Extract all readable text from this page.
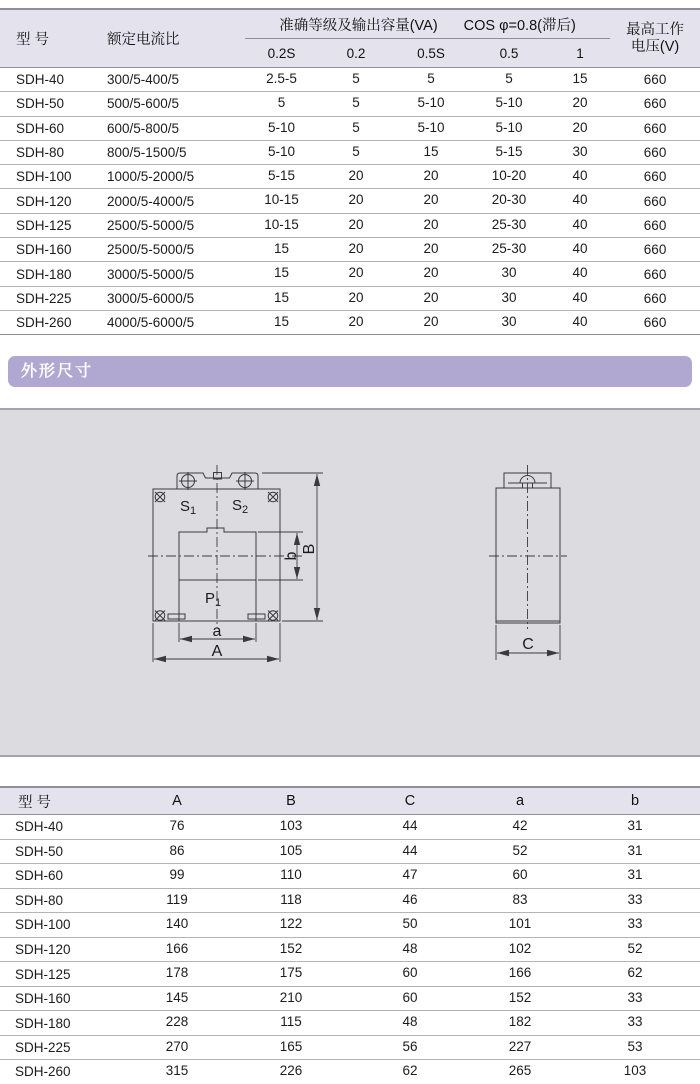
型 号	额定电流比	准确等级及输出容量(VA) COS φ=0.8(滞后)					最高工作
电压(V)

		0.2S	0.2	0.5S	0.5	1	
SDH-40	300/5-400/5	2.5-5	5	5	5	15	660
SDH-50	500/5-600/5	5	5	5-10	5-10	20	660
SDH-60	600/5-800/5	5-10	5	5-10	5-10	20	660
SDH-80	800/5-1500/5	5-10	5	15	5-15	30	660
SDH-100	1000/5-2000/5	5-15	20	20	10-20	40	660
SDH-120	2000/5-4000/5	10-15	20	20	20-30	40	660
SDH-125	2500/5-5000/5	10-15	20	20	25-30	40	660
SDH-160	2500/5-5000/5	15	20	20	25-30	40	660
SDH-180	3000/5-5000/5	15	20	20	30	40	660
SDH-225	3000/5-6000/5	15	20	20	30	40	660
SDH-260	4000/5-6000/5	15	20	20	30	40	660
外形尺寸
$S_1$ $S_2$
$P_1$
b
B
a
A	C
型 号	A	B	C	a	b
SDH-40	76	103	44	42	31
SDH-50	86	105	44	52	31
SDH-60	99	110	47	60	31
SDH-80	119	118	46	83	33
SDH-100	140	122	50	101	33
SDH-120	166	152	48	102	52
SDH-125	178	175	60	166	62
SDH-160	145	210	60	152	33
SDH-180	228	115	48	182	33
SDH-225	270	165	56	227	53
SDH-260	315	226	62	265	103
